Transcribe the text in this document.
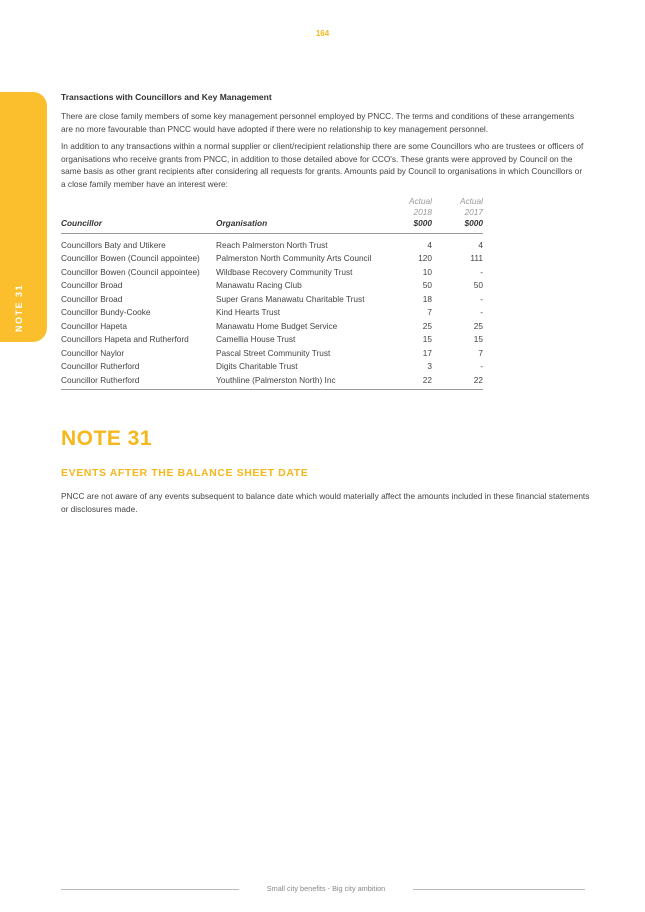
164
NOTE 31
Transactions with Councillors and Key Management

There are close family members of some key management personnel employed by PNCC. The terms and conditions of these arrangements are no more favourable than PNCC would have adopted if there were no relationship to key management personnel.

In addition to any transactions within a normal supplier or client/recipient relationship there are some Councillors who are trustees or officers of organisations who receive grants from PNCC, in addition to those detailed above for CCO's. These grants were approved by Council on the same basis as other grant recipients after considering all requests for grants. Amounts paid by Council to organisations in which Councillors or a close family member have an interest were:

		Actual	Actual
		2018	2017
Councillor	Organisation	$000	$000
Councillors Baty and Utikere	Reach Palmerston North Trust	4	4
Councillor Bowen (Council appointee)	Palmerston North Community Arts Council	120	111
Councillor Bowen (Council appointee)	Wildbase Recovery Community Trust	10	-
Councillor Broad	Manawatu Racing Club	50	50
Councillor Broad	Super Grans Manawatu Charitable Trust	18	-
Councillor Bundy-Cooke	Kind Hearts Trust	7	-
Councillor Hapeta	Manawatu Home Budget Service	25	25
Councillors Hapeta and Rutherford	Camellia House Trust	15	15
Councillor Naylor	Pascal Street Community Trust	17	7
Councillor Rutherford	Digits Charitable Trust	3	-
Councillor Rutherford	Youthline (Palmerston North) Inc	22	22
NOTE 31
EVENTS AFTER THE BALANCE SHEET DATE

PNCC are not aware of any events subsequent to balance date which would materially affect the amounts included in these financial statements or disclosures made.

Small city benefits - Big city ambition
